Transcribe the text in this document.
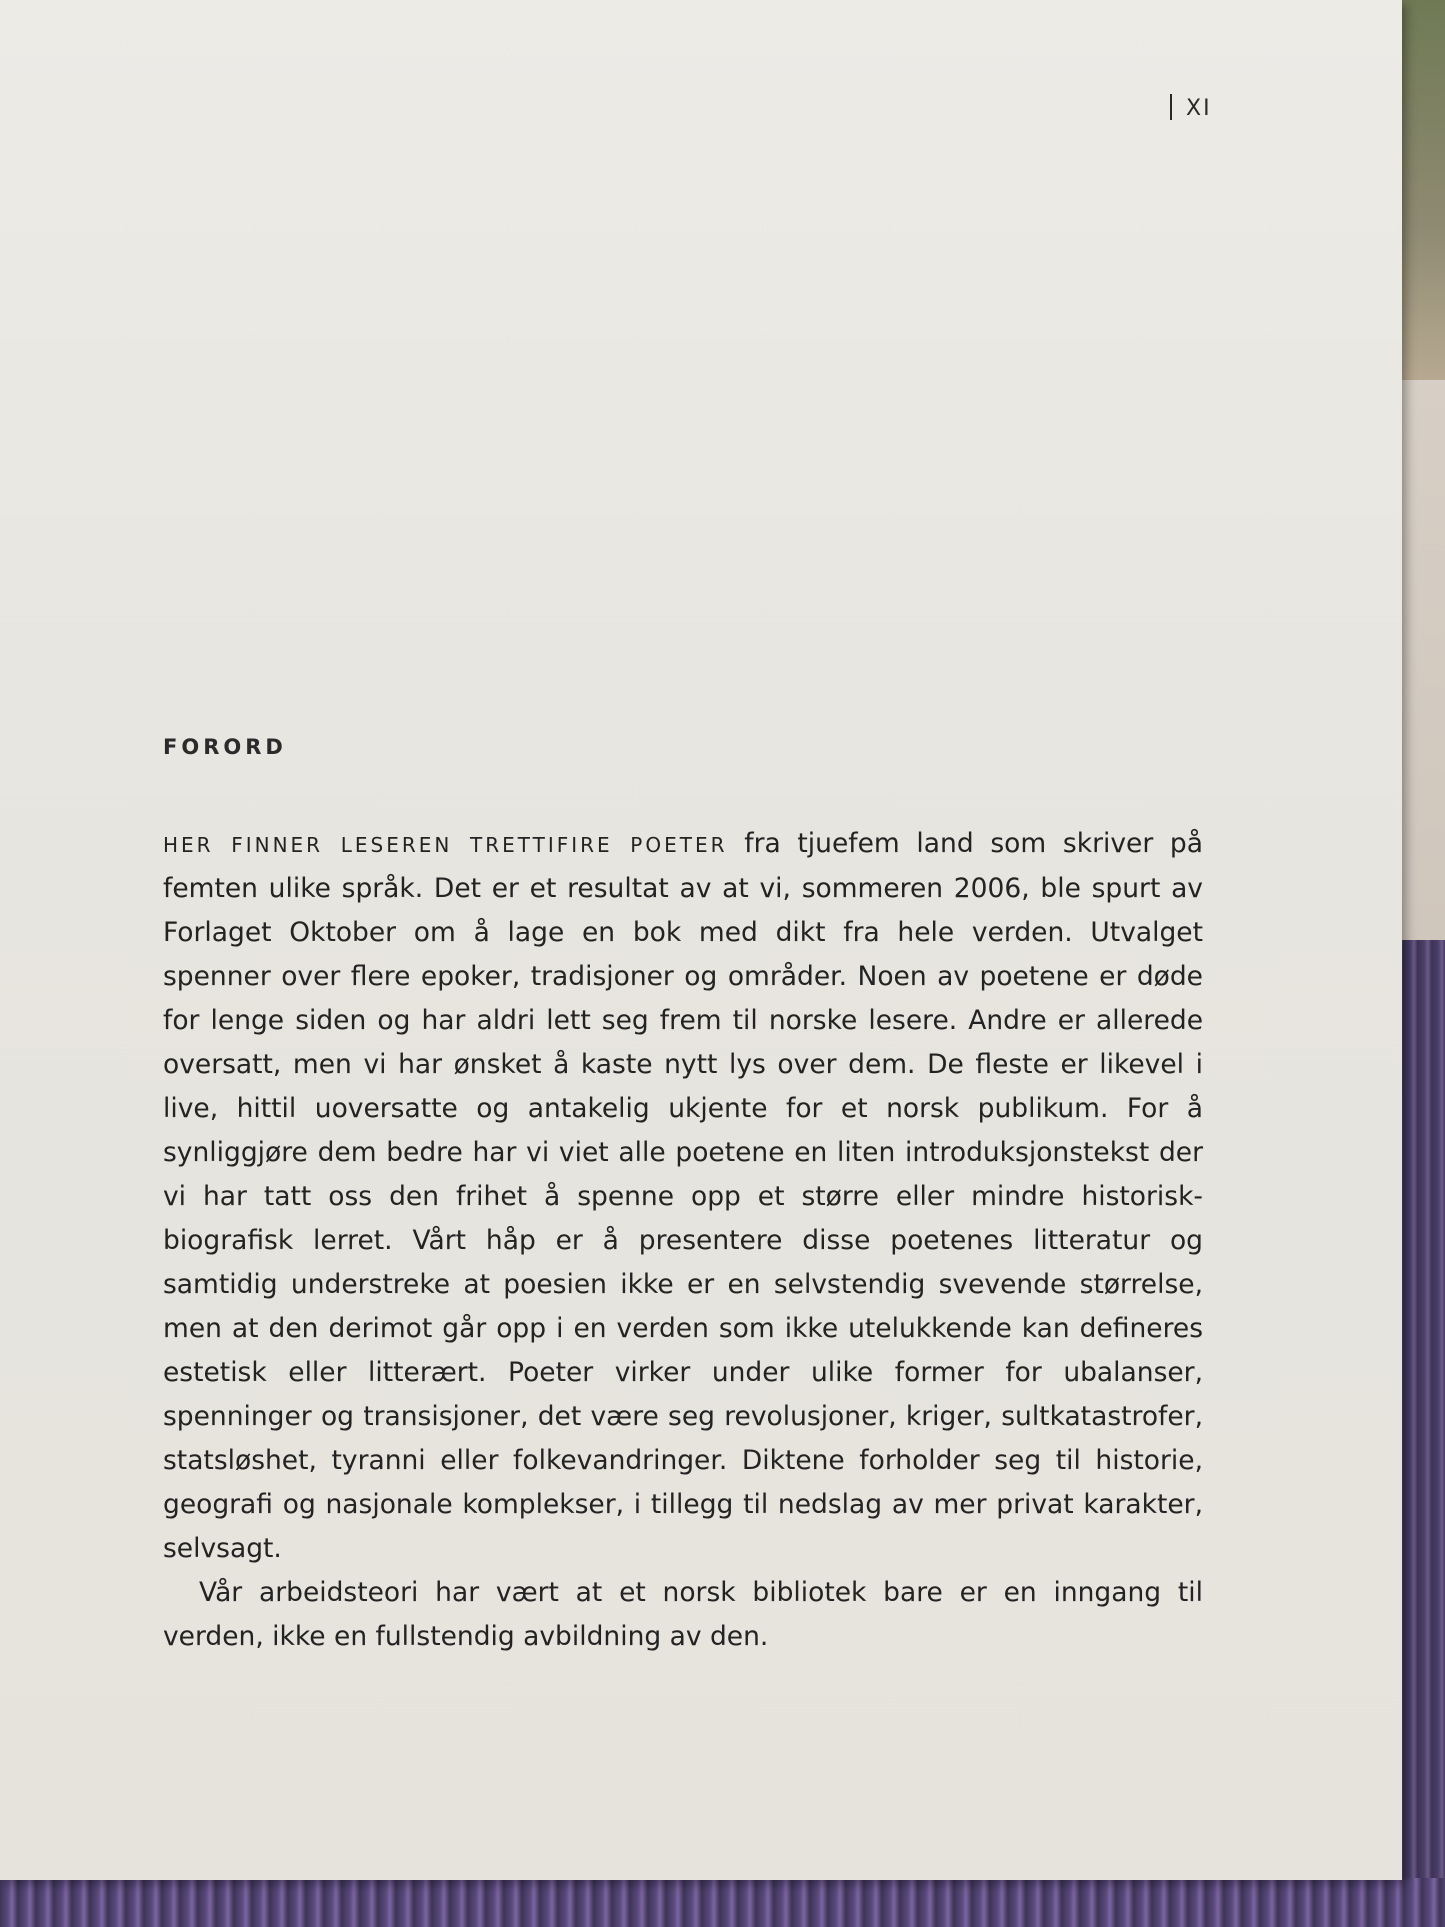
XI
FORORD

HER FINNER LESEREN TRETTIFIRE POETER fra tjuefem land som skriver på femten ulike språk. Det er et resultat av at vi, sommeren 2006, ble spurt av Forlaget Oktober om å lage en bok med dikt fra hele verden. Utvalget spenner over flere epoker, tradisjoner og områder. Noen av poetene er døde for lenge siden og har aldri lett seg frem til norske lesere. Andre er allerede oversatt, men vi har ønsket å kaste nytt lys over dem. De fleste er likevel i live, hittil uoversatte og antakelig ukjente for et norsk publikum. For å synliggjøre dem bedre har vi viet alle poetene en liten introduksjonstekst der vi har tatt oss den frihet å spenne opp et større eller mindre historisk-biografisk lerret. Vårt håp er å presentere disse poetenes litteratur og samtidig understreke at poesien ikke er en selvstendig svevende størrelse, men at den derimot går opp i en verden som ikke utelukkende kan defineres estetisk eller litterært. Poeter virker under ulike former for ubalanser, spenninger og transisjoner, det være seg revolusjoner, kriger, sultkatastrofer, statsløshet, tyranni eller folkevandringer. Diktene forholder seg til historie, geografi og nasjonale komplekser, i tillegg til nedslag av mer privat karakter, selvsagt.

Vår arbeidsteori har vært at et norsk bibliotek bare er en inngang til verden, ikke en fullstendig avbildning av den.
